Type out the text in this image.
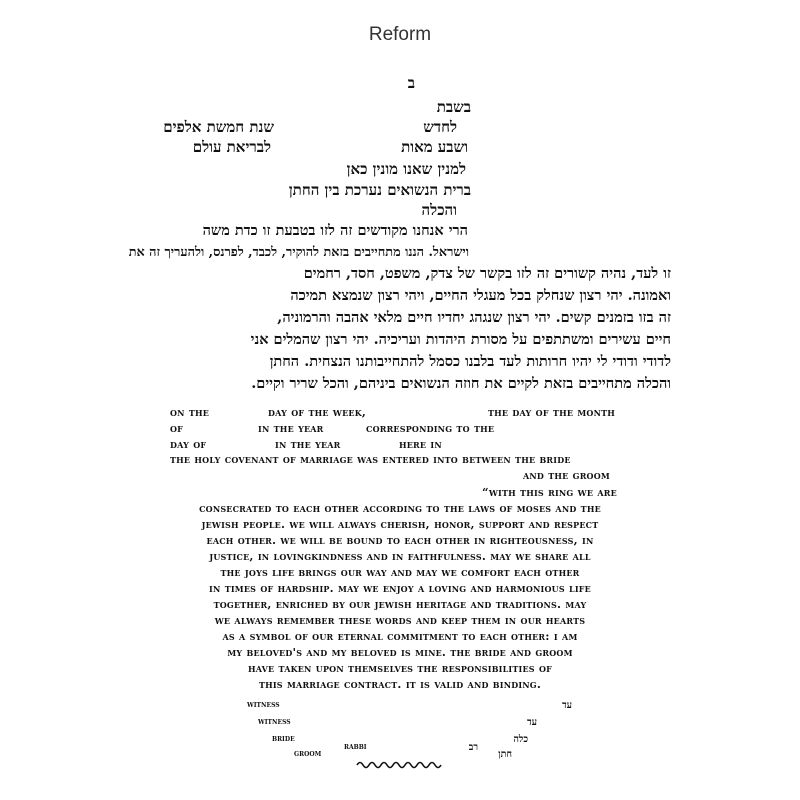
Reform
ב
בשבת
לחדש
שנת חמשת אלפים
ושבע מאות
לבריאת עולם
למנין שאנו מונין כאן
ברית הנשואים נערכת בין החתן
והכלה
הרי אנחנו מקודשים זה לזו בטבעת זו כדת משה
וישראל. הננו מתחייבים בזאת להוקיר, לכבד, לפרנס, ולהעריך זה את
זו לעד, נהיה קשורים זה לזו בקשר של צדק, משפט, חסד, רחמים
ואמונה. יהי רצון שנחלק בכל מעגלי החיים, ויהי רצון שנמצא תמיכה
זה בזו בזמנים קשים. יהי רצון שנגהג יחדיו חיים מלאי אהבה והרמוניה,
חיים עשירים ומשתתפים על מסורת היהדות ועריכיה. יהי רצון שהמלים אני
לדודי ודודי לי יהיו חרותות לעד בלבנו כסמל להתחייבותנו הנצחית. החתן
והכלה מתחייבים בזאת לקיים את חוזה הנשואים ביניהם, והכל שריר וקיים.
on the	day of the week,	the day of the month
of	in the year	corresponding to the
day of	in the year	here in
the holy covenant of marriage was entered into between the bride
and the groom
“with this ring we are
consecrated to each other according to the laws of moses and the
jewish people. we will always cherish, honor, support and respect
each other. we will be bound to each other in righteousness, in
justice, in lovingkindness and in faithfulness. may we share all
the joys life brings our way and may we comfort each other
in times of hardship. may we enjoy a loving and harmonious life
together, enriched by our jewish heritage and traditions. may
we always remember these words and keep them in our hearts
as a symbol of our eternal commitment to each other: i am
my beloved's and my beloved is mine. the bride and groom
have taken upon themselves the responsibilities of
this marriage contract. it is valid and binding.
witness	עד
witness	עד
bride	כלה
groom	חתן
rabbi	רב
